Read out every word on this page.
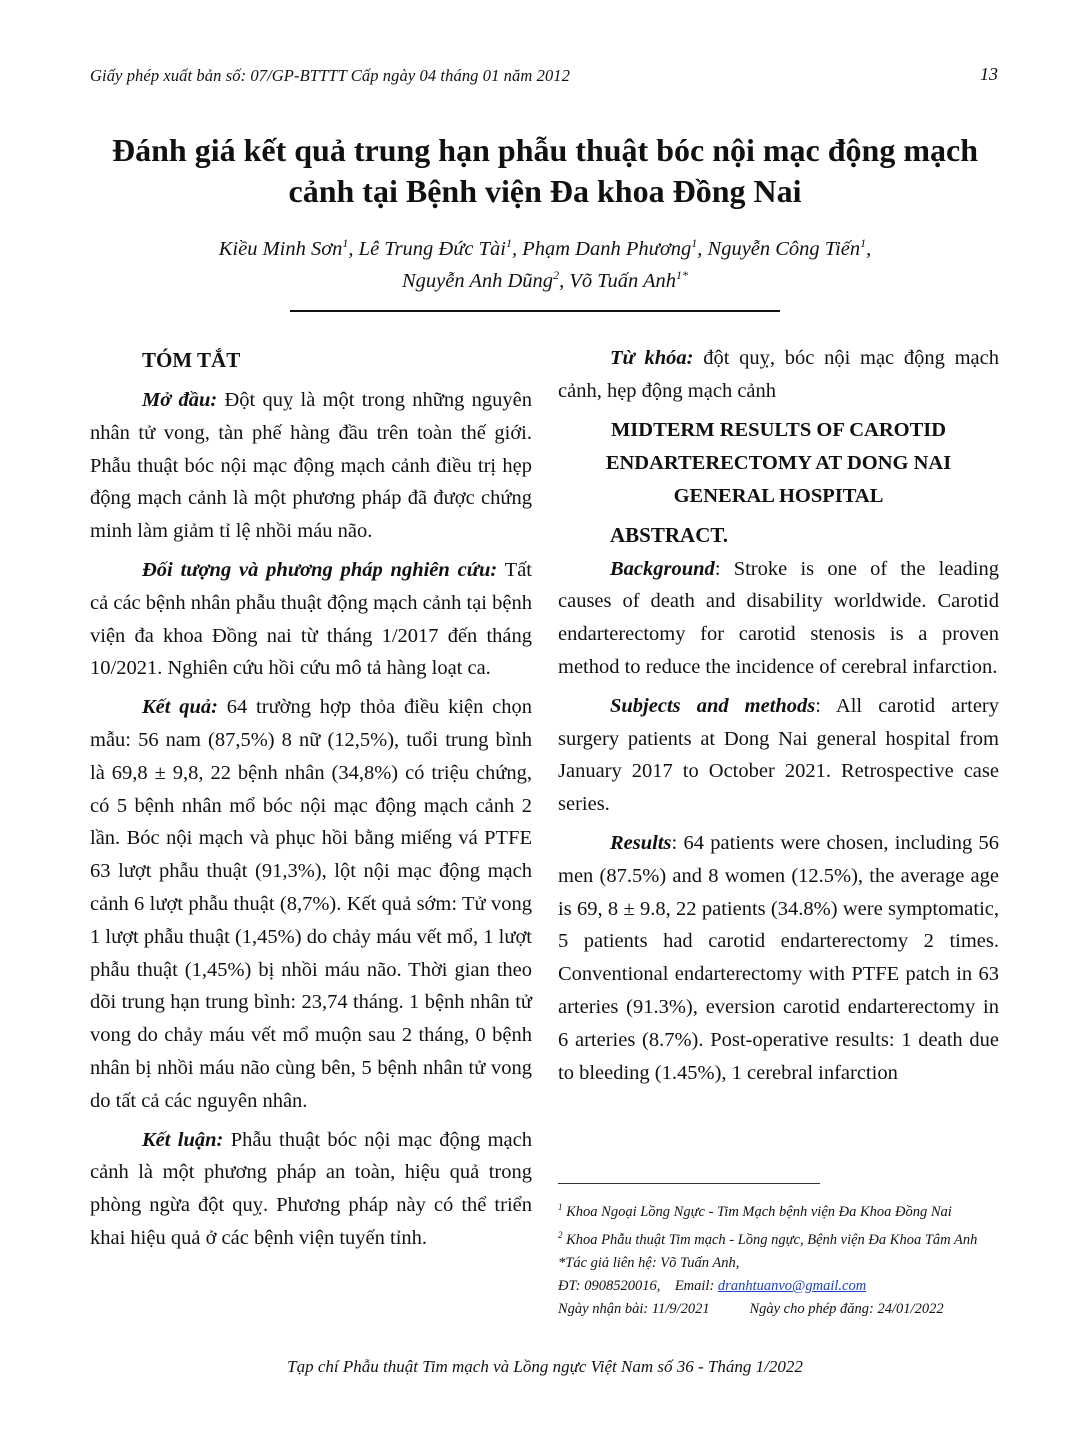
Giấy phép xuất bản số: 07/GP-BTTTT Cấp ngày 04 tháng 01 năm 2012	13
Đánh giá kết quả trung hạn phẫu thuật bóc nội mạc động mạch
cảnh tại Bệnh viện Đa khoa Đồng Nai
Kiều Minh Sơn$^1$, Lê Trung Đức Tài$^1$, Phạm Danh Phương$^1$, Nguyễn Công Tiến$^1$,
Nguyễn Anh Dũng$^2$, Võ Tuấn Anh$^{1*}$
TÓM TẮT

Mở đầu: Đột quỵ là một trong những nguyên nhân tử vong, tàn phế hàng đầu trên toàn thế giới. Phẫu thuật bóc nội mạc động mạch cảnh điều trị hẹp động mạch cảnh là một phương pháp đã được chứng minh làm giảm tỉ lệ nhồi máu não.

Đối tượng và phương pháp nghiên cứu: Tất cả các bệnh nhân phẫu thuật động mạch cảnh tại bệnh viện đa khoa Đồng nai từ tháng 1/2017 đến tháng 10/2021. Nghiên cứu hồi cứu mô tả hàng loạt ca.

Kết quả: 64 trường hợp thỏa điều kiện chọn mẫu: 56 nam (87,5%) 8 nữ (12,5%), tuổi trung bình là 69,8 ± 9,8, 22 bệnh nhân (34,8%) có triệu chứng, có 5 bệnh nhân mổ bóc nội mạc động mạch cảnh 2 lần. Bóc nội mạch và phục hồi bằng miếng vá PTFE 63 lượt phẫu thuật (91,3%), lột nội mạc động mạch cảnh 6 lượt phẫu thuật (8,7%). Kết quả sớm: Tử vong 1 lượt phẫu thuật (1,45%) do chảy máu vết mổ, 1 lượt phẫu thuật (1,45%) bị nhồi máu não. Thời gian theo dõi trung hạn trung bình: 23,74 tháng. 1 bệnh nhân tử vong do chảy máu vết mổ muộn sau 2 tháng, 0 bệnh nhân bị nhồi máu não cùng bên, 5 bệnh nhân tử vong do tất cả các nguyên nhân.

Kết luận: Phẫu thuật bóc nội mạc động mạch cảnh là một phương pháp an toàn, hiệu quả trong phòng ngừa đột quỵ. Phương pháp này có thể triển khai hiệu quả ở các bệnh viện tuyến tỉnh.

Từ khóa: đột quỵ, bóc nội mạc động mạch cảnh, hẹp động mạch cảnh

MIDTERM RESULTS OF CAROTID
ENDARTERECTOMY AT DONG NAI
GENERAL HOSPITAL
ABSTRACT.

Background: Stroke is one of the leading causes of death and disability worldwide. Carotid endarterectomy for carotid stenosis is a proven method to reduce the incidence of cerebral infarction.

Subjects and methods: All carotid artery surgery patients at Dong Nai general hospital from January 2017 to October 2021. Retrospective case series.

Results: 64 patients were chosen, including 56 men (87.5%) and 8 women (12.5%), the average age is 69, 8 ± 9.8, 22 patients (34.8%) were symptomatic, 5 patients had carotid endarterectomy 2 times. Conventional endarterectomy with PTFE patch in 63 arteries (91.3%), eversion carotid endarterectomy in 6 arteries (8.7%). Post-operative results: 1 death due to bleeding (1.45%), 1 cerebral infarction

$^1$ Khoa Ngoại Lồng Ngực - Tim Mạch bệnh viện Đa Khoa Đồng Nai
$^2$ Khoa Phẫu thuật Tim mạch - Lồng ngực, Bệnh viện Đa Khoa Tâm Anh
*Tác giả liên hệ: Võ Tuấn Anh,
ĐT: 0908520016, Email: dranhtuanvo@gmail.com
Ngày nhận bài: 11/9/2021	Ngày cho phép đăng: 24/01/2022
Tạp chí Phẫu thuật Tim mạch và Lồng ngực Việt Nam số 36 - Tháng 1/2022
